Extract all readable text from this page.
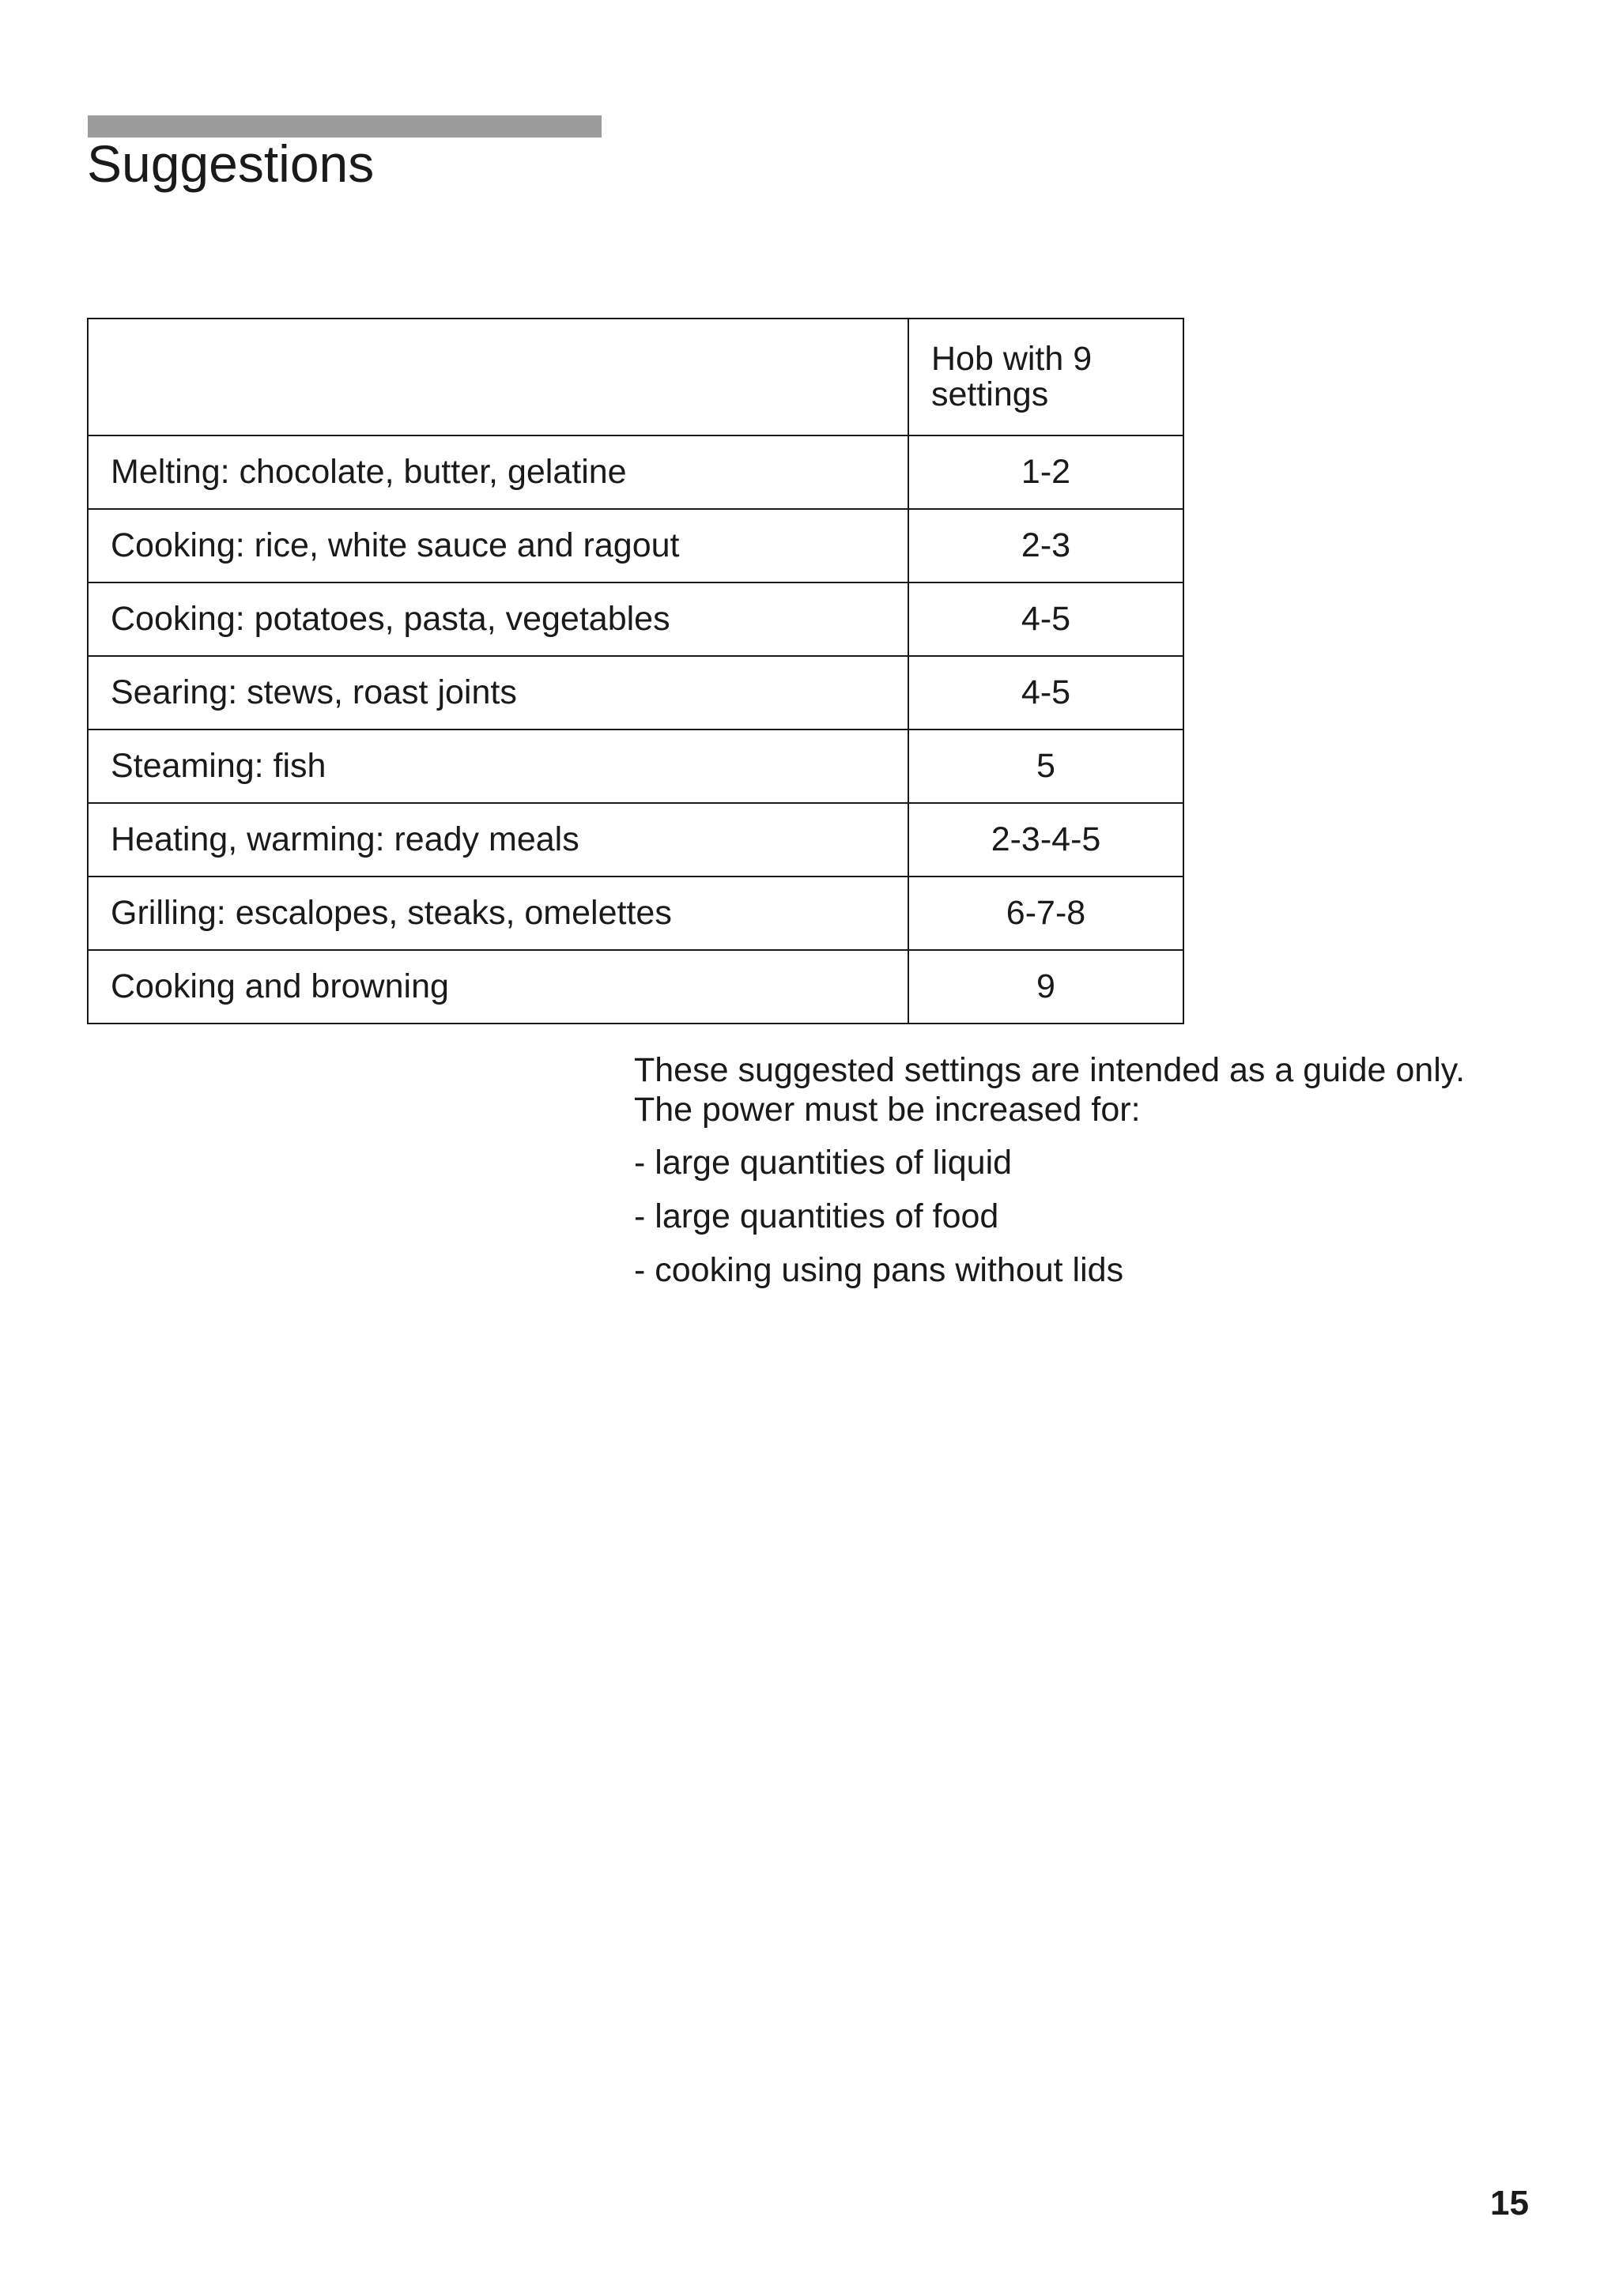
Suggestions

	Hob with 9 settings

Melting: chocolate, butter, gelatine	1-2
Cooking: rice, white sauce and ragout	2-3
Cooking: potatoes, pasta, vegetables	4-5
Searing: stews, roast joints	4-5
Steaming: fish	5
Heating, warming: ready meals	2-3-4-5
Grilling: escalopes, steaks, omelettes	6-7-8
Cooking and browning	9

These suggested settings are intended as a guide only.
The power must be increased for:

- large quantities of liquid
- large quantities of food
- cooking using pans without lids
15
